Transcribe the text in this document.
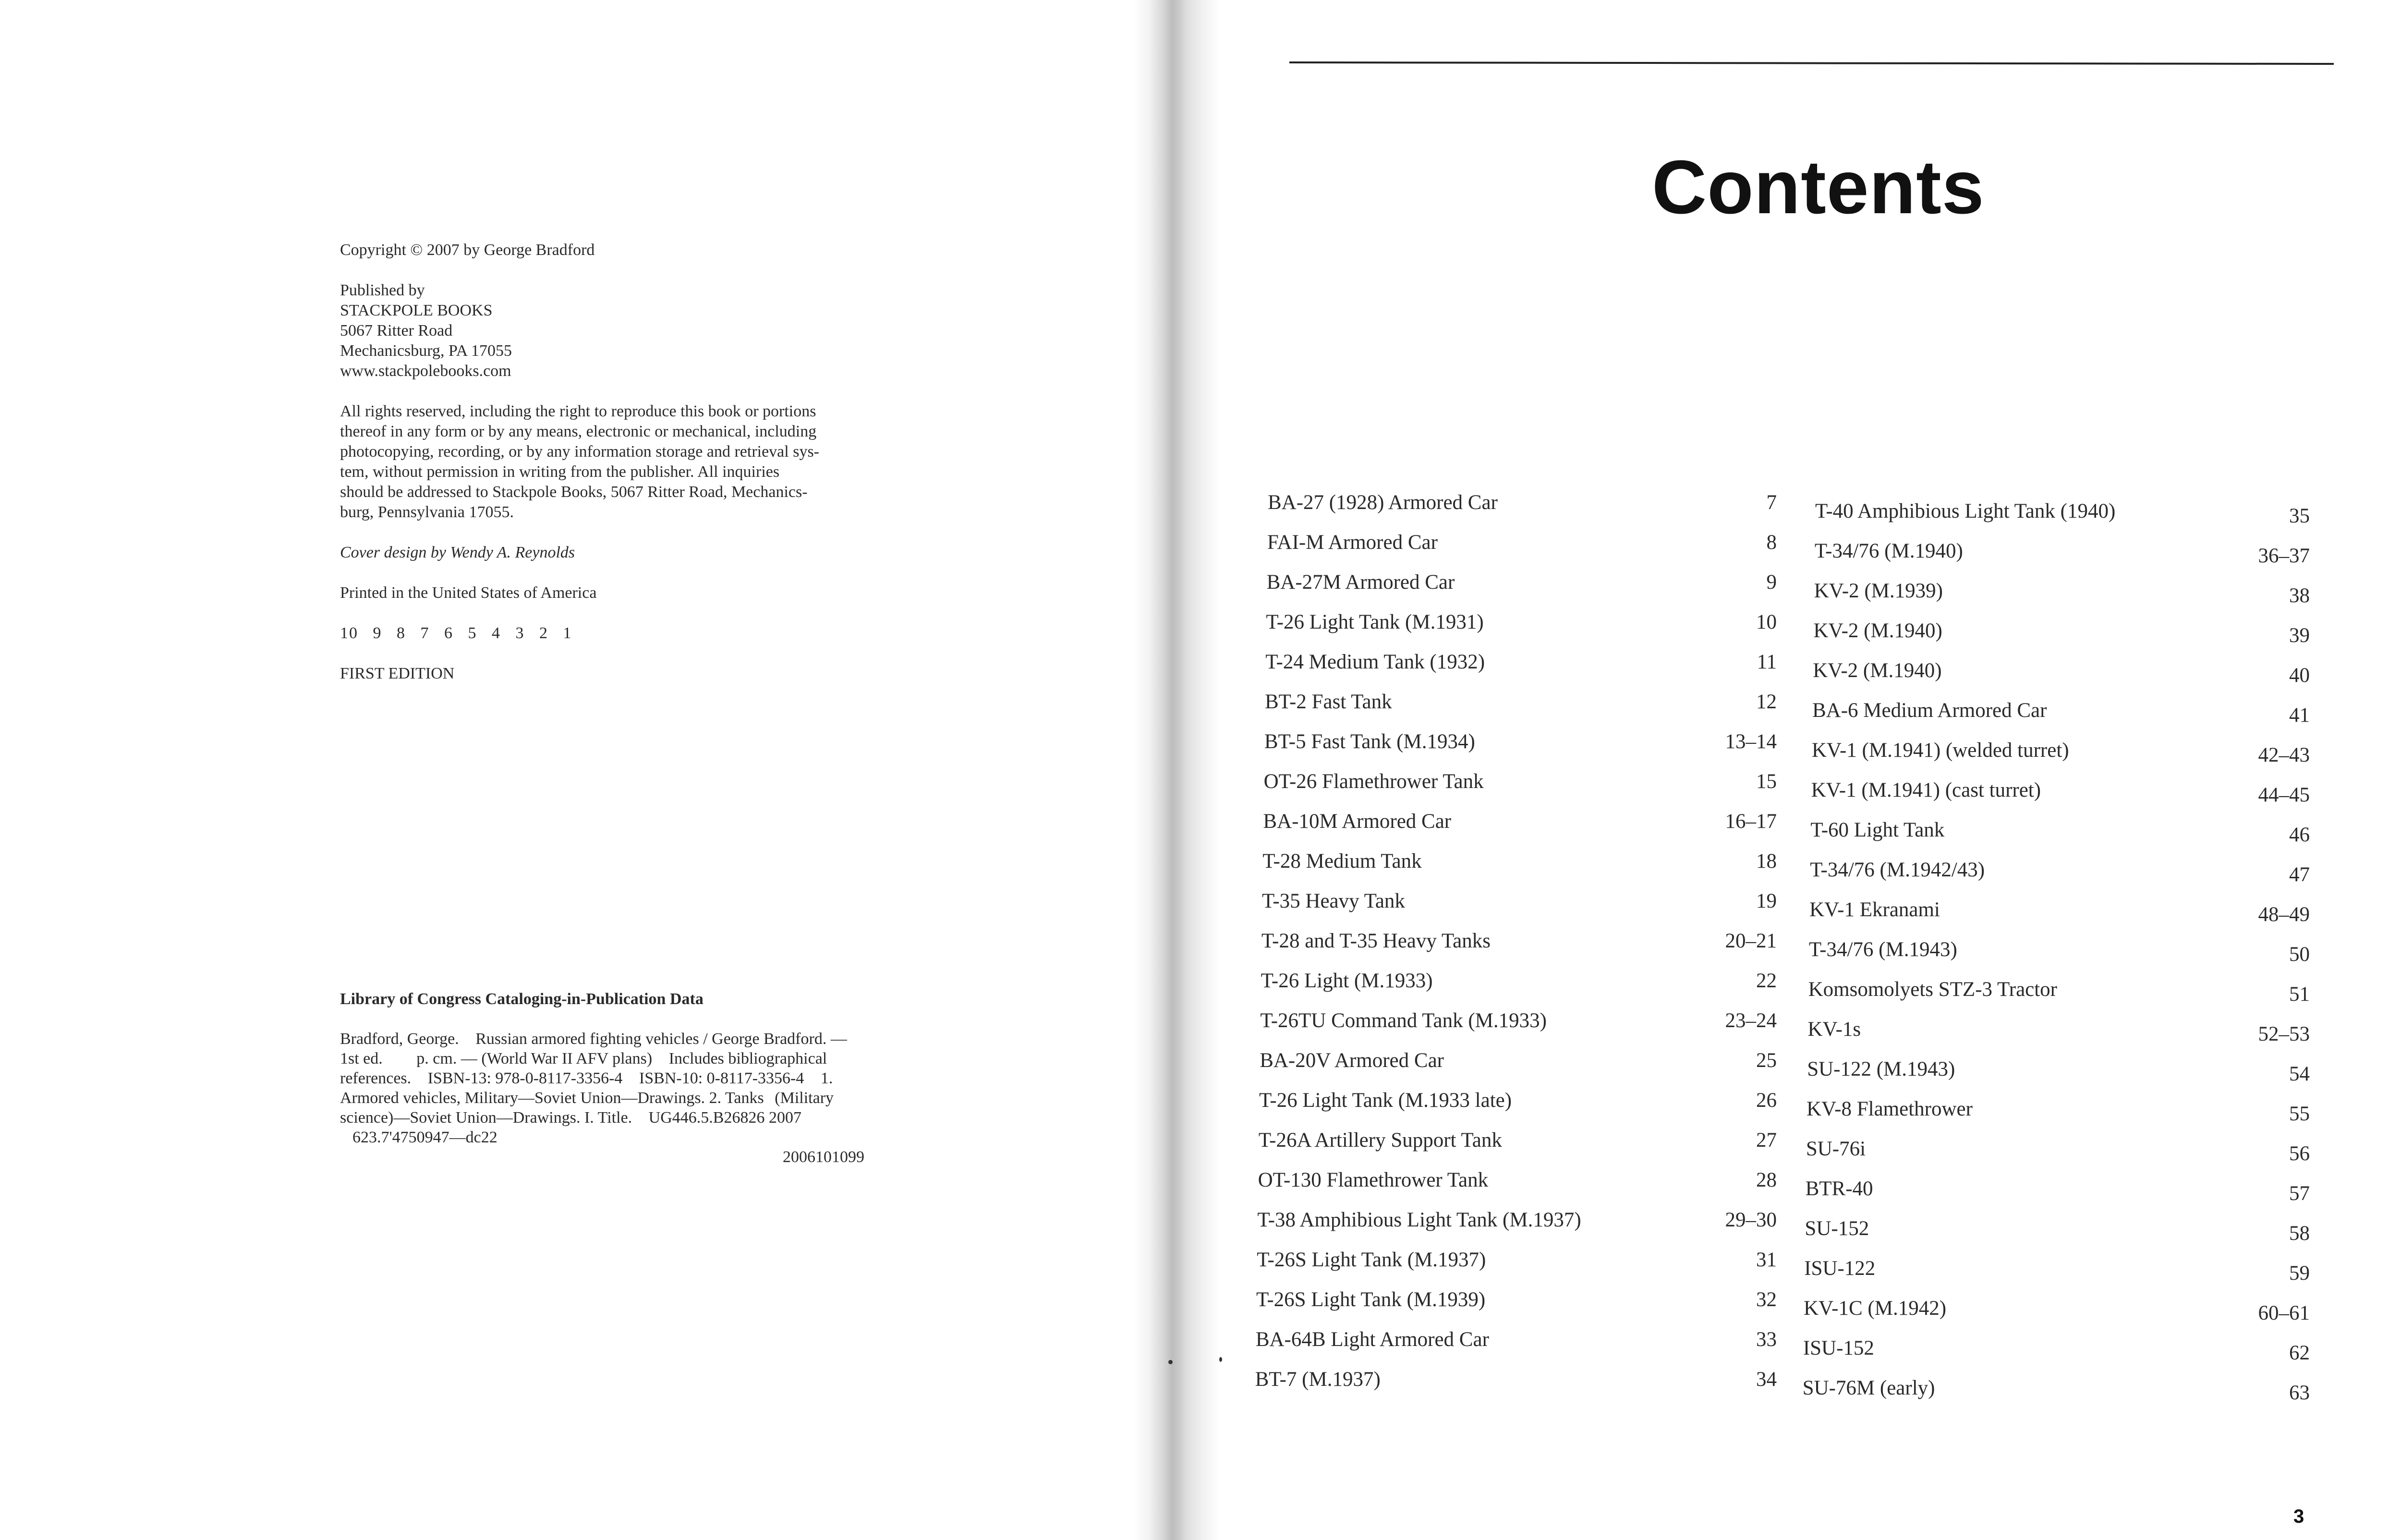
Copyright © 2007 by George Bradford
Published by
STACKPOLE BOOKS
5067 Ritter Road
Mechanicsburg, PA 17055
www.stackpolebooks.com
All rights reserved, including the right to reproduce this book or portions
thereof in any form or by any means, electronic or mechanical, including
photocopying, recording, or by any information storage and retrieval sys-
tem, without permission in writing from the publisher. All inquiries
should be addressed to Stackpole Books, 5067 Ritter Road, Mechanics-
burg, Pennsylvania 17055.
Cover design by Wendy A. Reynolds
Printed in the United States of America
10 9 8 7 6 5 4 3 2 1
FIRST EDITION
Library of Congress Cataloging-in-Publication Data
Bradford, George. Russian armored fighting vehicles / George Bradford. — 1st ed. p. cm. — (World War II AFV plans) Includes bibliographical references. ISBN-13: 978-0-8117-3356-4 ISBN-10: 0-8117-3356-4 1. Armored vehicles, Military—Soviet Union—Drawings. 2. Tanks (Military science)—Soviet Union—Drawings. I. Title. UG446.5.B26826 2007 623.7'4750947—dc22
2006101099
Contents
BA-27 (1928) Armored Car	7
FAI-M Armored Car	8
BA-27M Armored Car	9
T-26 Light Tank (M.1931)	10
T-24 Medium Tank (1932)	11
BT-2 Fast Tank	12
BT-5 Fast Tank (M.1934)	13–14
OT-26 Flamethrower Tank	15
BA-10M Armored Car	16–17
T-28 Medium Tank	18
T-35 Heavy Tank	19
T-28 and T-35 Heavy Tanks	20–21
T-26 Light (M.1933)	22
T-26TU Command Tank (M.1933)	23–24
BA-20V Armored Car	25
T-26 Light Tank (M.1933 late)	26
T-26A Artillery Support Tank	27
OT-130 Flamethrower Tank	28
T-38 Amphibious Light Tank (M.1937)	29–30
T-26S Light Tank (M.1937)	31
T-26S Light Tank (M.1939)	32
BA-64B Light Armored Car	33
BT-7 (M.1937)	34
T-40 Amphibious Light Tank (1940)	35
T-34/76 (M.1940)	36–37
KV-2 (M.1939)	38
KV-2 (M.1940)	39
KV-2 (M.1940)	40
BA-6 Medium Armored Car	41
KV-1 (M.1941) (welded turret)	42–43
KV-1 (M.1941) (cast turret)	44–45
T-60 Light Tank	46
T-34/76 (M.1942/43)	47
KV-1 Ekranami	48–49
T-34/76 (M.1943)	50
Komsomolyets STZ-3 Tractor	51
KV-1s	52–53
SU-122 (M.1943)	54
KV-8 Flamethrower	55
SU-76i	56
BTR-40	57
SU-152	58
ISU-122	59
KV-1C (M.1942)	60–61
ISU-152	62
SU-76M (early)	63
3
